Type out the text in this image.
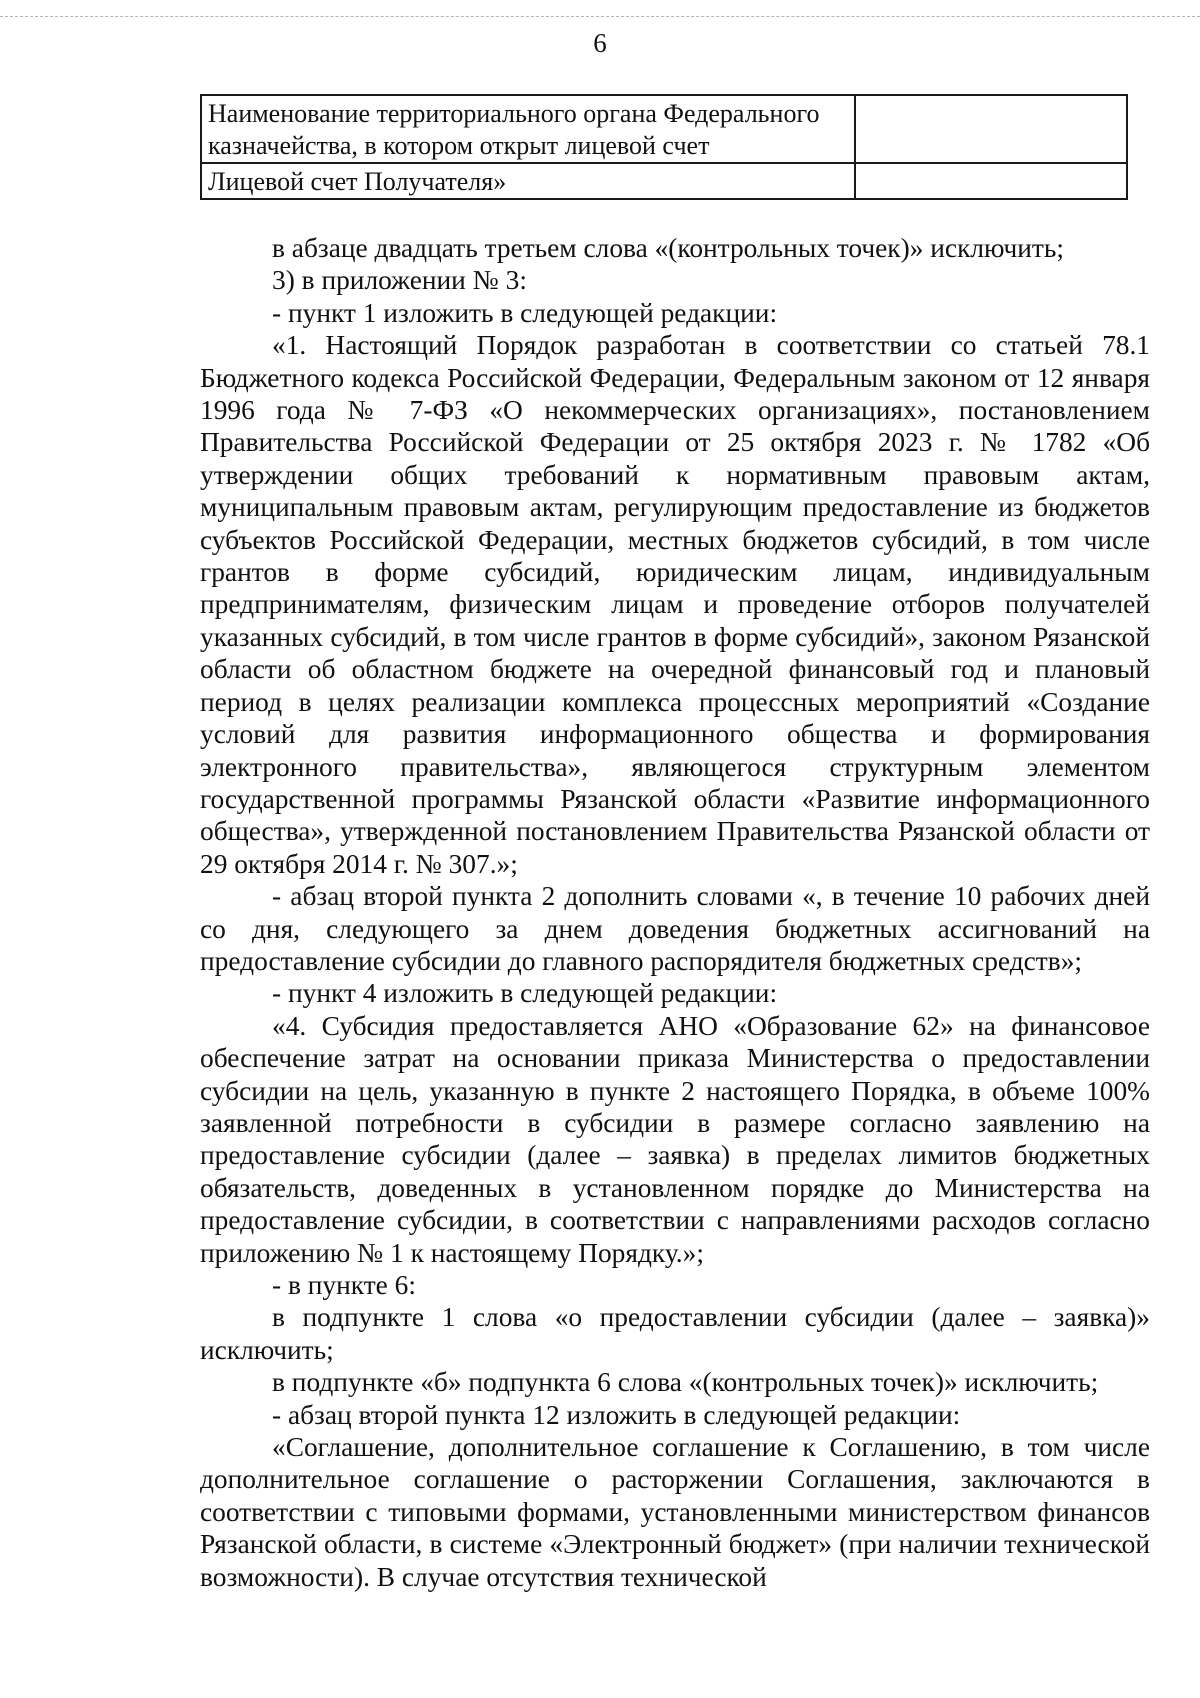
6
Наименование территориального органа Федерального казначейства, в котором открыт лицевой счет	
Лицевой счет Получателя»	

в абзаце двадцать третьем слова «(контрольных точек)» исключить;

3) в приложении № 3:

- пункт 1 изложить в следующей редакции:

«1. Настоящий Порядок разработан в соответствии со статьей 78.1 Бюджетного кодекса Российской Федерации, Федеральным законом от 12 января 1996 года № 7-ФЗ «О некоммерческих организациях», постановлением Правительства Российской Федерации от 25 октября 2023 г. № 1782 «Об утверждении общих требований к нормативным правовым актам, муниципальным правовым актам, регулирующим предоставление из бюджетов субъектов Российской Федерации, местных бюджетов субсидий, в том числе грантов в форме субсидий, юридическим лицам, индивидуальным предпринимателям, физическим лицам и проведение отборов получателей указанных субсидий, в том числе грантов в форме субсидий», законом Рязанской области об областном бюджете на очередной финансовый год и плановый период в целях реализации комплекса процессных мероприятий «Создание условий для развития информационного общества и формирования электронного правительства», являющегося структурным элементом государственной программы Рязанской области «Развитие информационного общества», утвержденной постановлением Правительства Рязанской области от 29 октября 2014 г. № 307.»;

- абзац второй пункта 2 дополнить словами «, в течение 10 рабочих дней со дня, следующего за днем доведения бюджетных ассигнований на предоставление субсидии до главного распорядителя бюджетных средств»;

- пункт 4 изложить в следующей редакции:

«4. Субсидия предоставляется АНО «Образование 62» на финансовое обеспечение затрат на основании приказа Министерства о предоставлении субсидии на цель, указанную в пункте 2 настоящего Порядка, в объеме 100% заявленной потребности в субсидии в размере согласно заявлению на предоставление субсидии (далее – заявка) в пределах лимитов бюджетных обязательств, доведенных в установленном порядке до Министерства на предоставление субсидии, в соответствии с направлениями расходов согласно приложению № 1 к настоящему Порядку.»;

- в пункте 6:

в подпункте 1 слова «о предоставлении субсидии (далее – заявка)» исключить;

в подпункте «б» подпункта 6 слова «(контрольных точек)» исключить;

- абзац второй пункта 12 изложить в следующей редакции:

«Соглашение, дополнительное соглашение к Соглашению, в том числе дополнительное соглашение о расторжении Соглашения, заключаются в соответствии с типовыми формами, установленными министерством финансов Рязанской области, в системе «Электронный бюджет» (при наличии технической возможности). В случае отсутствия технической
